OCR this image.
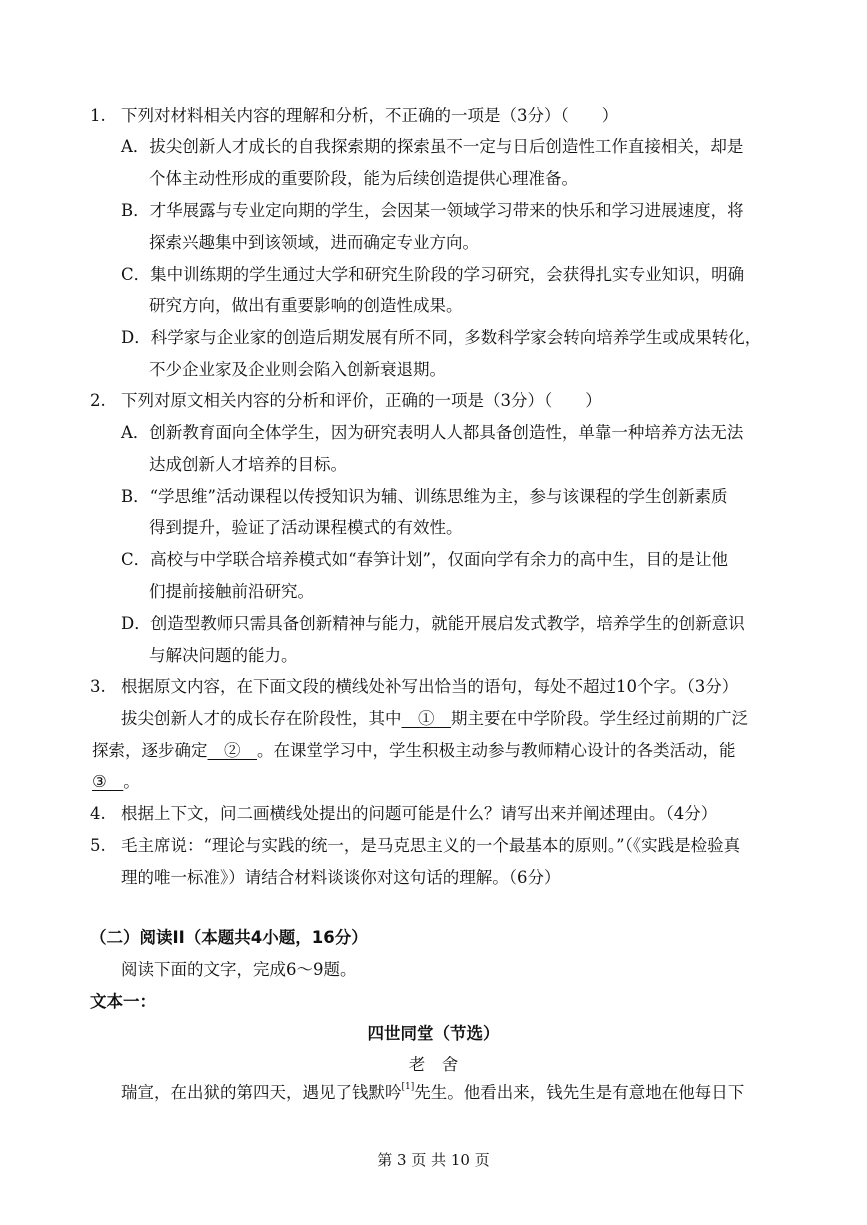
1. 下列对材料相关内容的理解和分析，不正确的一项是（3分）（　　）
A．拔尖创新人才成长的自我探索期的探索虽不一定与日后创造性工作直接相关，却是
个体主动性形成的重要阶段，能为后续创造提供心理准备。
B．才华展露与专业定向期的学生，会因某一领域学习带来的快乐和学习进展速度，将
探索兴趣集中到该领域，进而确定专业方向。
C．集中训练期的学生通过大学和研究生阶段的学习研究，会获得扎实专业知识，明确
研究方向，做出有重要影响的创造性成果。
D．科学家与企业家的创造后期发展有所不同，多数科学家会转向培养学生或成果转化，
不少企业家及企业则会陷入创新衰退期。
2. 下列对原文相关内容的分析和评价，正确的一项是（3分）（　　）
A．创新教育面向全体学生，因为研究表明人人都具备创造性，单靠一种培养方法无法
达成创新人才培养的目标。
B．“学思维”活动课程以传授知识为辅、训练思维为主，参与该课程的学生创新素质
得到提升，验证了活动课程模式的有效性。
C．高校与中学联合培养模式如“春笋计划”，仅面向学有余力的高中生，目的是让他
们提前接触前沿研究。
D．创造型教师只需具备创新精神与能力，就能开展启发式教学，培养学生的创新意识
与解决问题的能力。
3. 根据原文内容，在下面文段的横线处补写出恰当的语句，每处不超过10个字。（3分）
拔尖创新人才的成长存在阶段性，其中　①　期主要在中学阶段。学生经过前期的广泛
探索，逐步确定　②　。在课堂学习中，学生积极主动参与教师精心设计的各类活动，能
③　。
4. 根据上下文，问二画横线处提出的问题可能是什么？请写出来并阐述理由。（4分）
5. 毛主席说：“理论与实践的统一，是马克思主义的一个最基本的原则。”（《实践是检验真
理的唯一标准》）请结合材料谈谈你对这句话的理解。（6分）
（二）阅读II（本题共4小题，16分）
阅读下面的文字，完成6～9题。
文本一：
四世同堂（节选）
老　舍
瑞宣，在出狱的第四天，遇见了钱默吟[1]先生。他看出来，钱先生是有意地在他每日下
第 3 页 共 10 页
